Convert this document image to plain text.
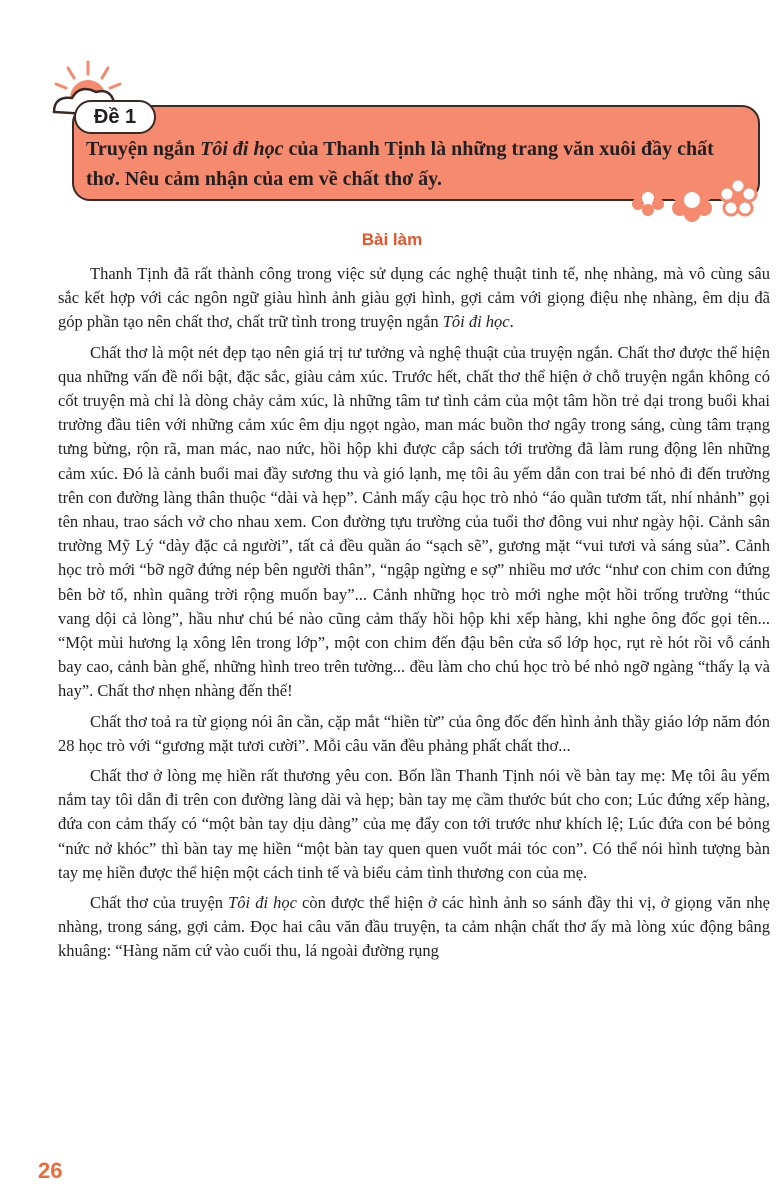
Đề 1

Truyện ngắn Tôi đi học của Thanh Tịnh là những trang văn xuôi đầy chất thơ. Nêu cảm nhận của em về chất thơ ấy.

Bài làm

Thanh Tịnh đã rất thành công trong việc sử dụng các nghệ thuật tinh tế, nhẹ nhàng, mà vô cùng sâu sắc kết hợp với các ngôn ngữ giàu hình ảnh giàu gợi hình, gợi cảm với giọng điệu nhẹ nhàng, êm dịu đã góp phần tạo nên chất thơ, chất trữ tình trong truyện ngắn Tôi đi học.

Chất thơ là một nét đẹp tạo nên giá trị tư tưởng và nghệ thuật của truyện ngắn. Chất thơ được thể hiện qua những vấn đề nổi bật, đặc sắc, giàu cảm xúc. Trước hết, chất thơ thể hiện ở chỗ truyện ngắn không có cốt truyện mà chỉ là dòng chảy cảm xúc, là những tâm tư tình cảm của một tâm hồn trẻ dại trong buổi khai trường đầu tiên với những cảm xúc êm dịu ngọt ngào, man mác buồn thơ ngây trong sáng, cùng tâm trạng tưng bừng, rộn rã, man mác, nao nức, hồi hộp khi được cắp sách tới trường đã làm rung động lên những cảm xúc. Đó là cảnh buổi mai đầy sương thu và gió lạnh, mẹ tôi âu yếm dẫn con trai bé nhỏ đi đến trường trên con đường làng thân thuộc “dài và hẹp”. Cảnh mấy cậu học trò nhỏ “áo quần tươm tất, nhí nhảnh” gọi tên nhau, trao sách vở cho nhau xem. Con đường tựu trường của tuổi thơ đông vui như ngày hội. Cảnh sân trường Mỹ Lý “dày đặc cả người”, tất cả đều quần áo “sạch sẽ”, gương mặt “vui tươi và sáng sủa”. Cảnh học trò mới “bỡ ngỡ đứng nép bên người thân”, “ngập ngừng e sợ” nhiều mơ ước “như con chim con đứng bên bờ tổ, nhìn quãng trời rộng muốn bay”... Cảnh những học trò mới nghe một hồi trống trường “thúc vang dội cả lòng”, hầu như chú bé nào cũng cảm thấy hồi hộp khi xếp hàng, khi nghe ông đốc gọi tên... “Một mùi hương lạ xông lên trong lớp”, một con chim đến đậu bên cửa sổ lớp học, rụt rè hót rồi vỗ cánh bay cao, cảnh bàn ghế, những hình treo trên tường... đều làm cho chú học trò bé nhỏ ngỡ ngàng “thấy lạ và hay”. Chất thơ nhẹn nhàng đến thế!

Chất thơ toả ra từ giọng nói ân cần, cặp mắt “hiền từ” của ông đốc đến hình ảnh thầy giáo lớp năm đón 28 học trò với “gương mặt tươi cười”. Mỗi câu văn đều phảng phất chất thơ...

Chất thơ ở lòng mẹ hiền rất thương yêu con. Bốn lần Thanh Tịnh nói về bàn tay mẹ: Mẹ tôi âu yếm nắm tay tôi dẫn đi trên con đường làng dài và hẹp; bàn tay mẹ cầm thước bút cho con; Lúc đứng xếp hàng, đứa con cảm thấy có “một bàn tay dịu dàng” của mẹ đẩy con tới trước như khích lệ; Lúc đứa con bé bỏng “nức nở khóc” thì bàn tay mẹ hiền “một bàn tay quen quen vuốt mái tóc con”. Có thể nói hình tượng bàn tay mẹ hiền được thể hiện một cách tinh tế và biểu cảm tình thương con của mẹ.

Chất thơ của truyện Tôi đi học còn được thể hiện ở các hình ảnh so sánh đầy thi vị, ở giọng văn nhẹ nhàng, trong sáng, gợi cảm. Đọc hai câu văn đầu truyện, ta cảm nhận chất thơ ấy mà lòng xúc động bâng khuâng: “Hàng năm cứ vào cuối thu, lá ngoài đường rụng

26
